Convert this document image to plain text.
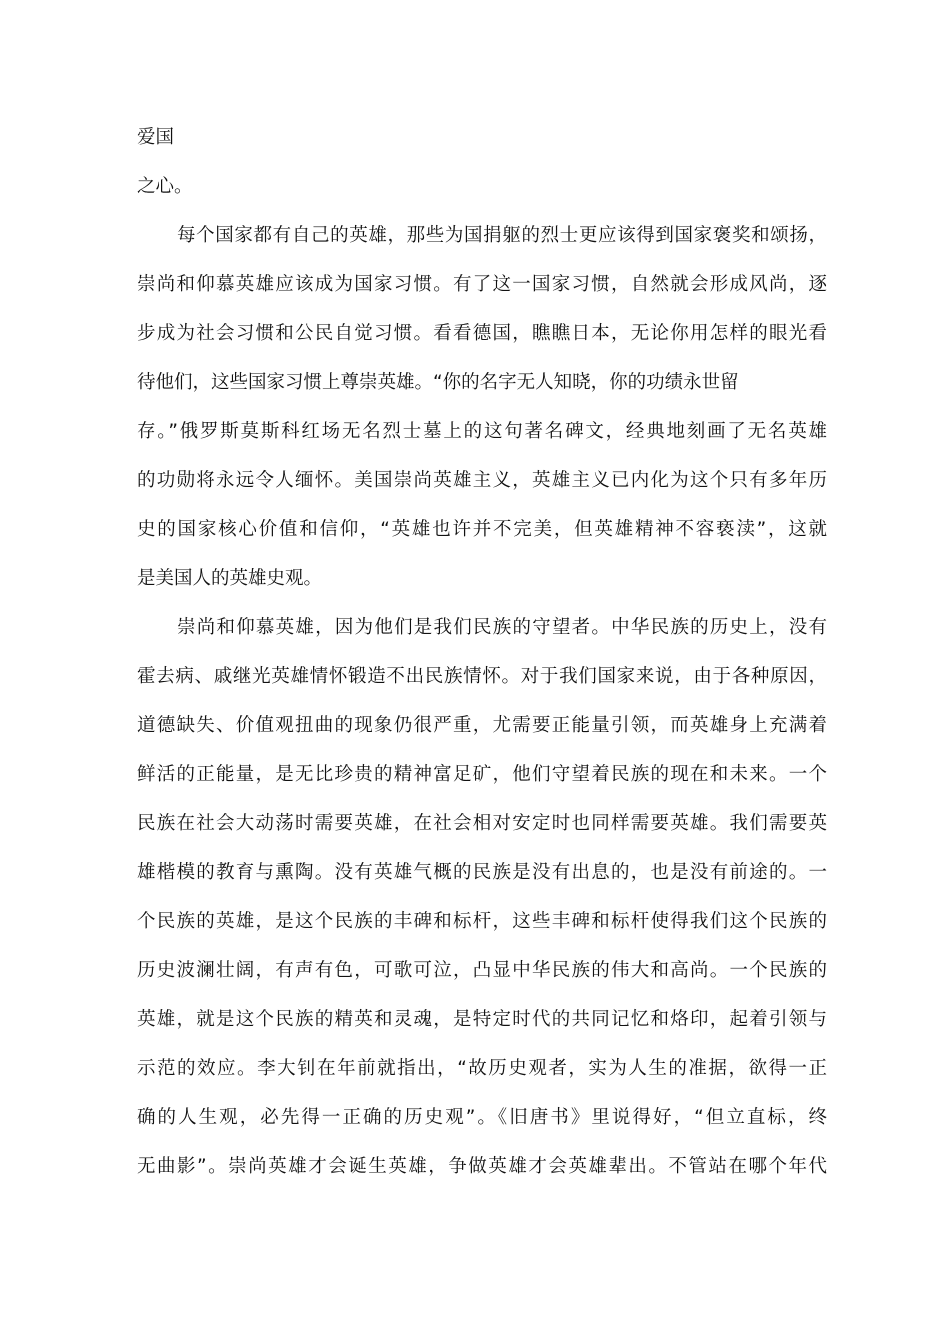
爱国
之心。
每个国家都有自己的英雄，那些为国捐躯的烈士更应该得到国家褒奖和颂扬，
崇尚和仰慕英雄应该成为国家习惯。有了这一国家习惯，自然就会形成风尚，逐
步成为社会习惯和公民自觉习惯。看看德国，瞧瞧日本，无论你用怎样的眼光看
待他们，这些国家习惯上尊崇英雄。“你的名字无人知晓，你的功绩永世留
存。”俄罗斯莫斯科红场无名烈士墓上的这句著名碑文，经典地刻画了无名英雄
的功勋将永远令人缅怀。美国崇尚英雄主义，英雄主义已内化为这个只有多年历
史的国家核心价值和信仰，“英雄也许并不完美，但英雄精神不容亵渎”，这就
是美国人的英雄史观。
崇尚和仰慕英雄，因为他们是我们民族的守望者。中华民族的历史上，没有
霍去病、戚继光英雄情怀锻造不出民族情怀。对于我们国家来说，由于各种原因，
道德缺失、价值观扭曲的现象仍很严重，尤需要正能量引领，而英雄身上充满着
鲜活的正能量，是无比珍贵的精神富足矿，他们守望着民族的现在和未来。一个
民族在社会大动荡时需要英雄，在社会相对安定时也同样需要英雄。我们需要英
雄楷模的教育与熏陶。没有英雄气概的民族是没有出息的，也是没有前途的。一
个民族的英雄，是这个民族的丰碑和标杆，这些丰碑和标杆使得我们这个民族的
历史波澜壮阔，有声有色，可歌可泣，凸显中华民族的伟大和高尚。一个民族的
英雄，就是这个民族的精英和灵魂，是特定时代的共同记忆和烙印，起着引领与
示范的效应。李大钊在年前就指出，“故历史观者，实为人生的准据，欲得一正
确的人生观，必先得一正确的历史观”。《旧唐书》里说得好，“但立直标，终
无曲影”。崇尚英雄才会诞生英雄，争做英雄才会英雄辈出。不管站在哪个年代
